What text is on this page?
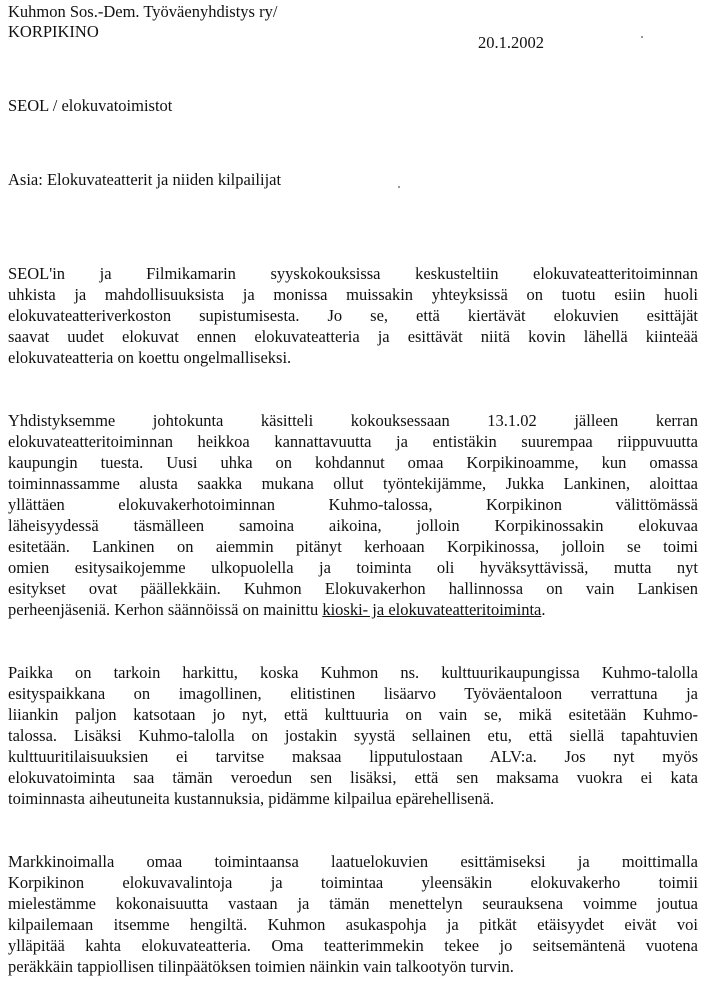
Kuhmon Sos.-Dem. Työväenyhdistys ry/
KORPIKINO
20.1.2002
SEOL / elokuvatoimistot
Asia: Elokuvateatterit ja niiden kilpailijat
SEOL'in ja Filmikamarin syyskokouksissa keskusteltiin elokuvateatteritoiminnan
uhkista ja mahdollisuuksista ja monissa muissakin yhteyksissä on tuotu esiin huoli
elokuvateatteriverkoston supistumisesta. Jo se, että kiertävät elokuvien esittäjät
saavat uudet elokuvat ennen elokuvateatteria ja esittävät niitä kovin lähellä kiinteää
elokuvateatteria on koettu ongelmalliseksi.
Yhdistyksemme johtokunta käsitteli kokouksessaan 13.1.02 jälleen kerran
elokuvateatteritoiminnan heikkoa kannattavuutta ja entistäkin suurempaa riippuvuutta
kaupungin tuesta. Uusi uhka on kohdannut omaa Korpikinoamme, kun omassa
toiminnassamme alusta saakka mukana ollut työntekijämme, Jukka Lankinen, aloittaa
yllättäen elokuvakerhotoiminnan Kuhmo-talossa, Korpikinon välittömässä
läheisyydessä täsmälleen samoina aikoina, jolloin Korpikinossakin elokuvaa
esitetään. Lankinen on aiemmin pitänyt kerhoaan Korpikinossa, jolloin se toimi
omien esitysaikojemme ulkopuolella ja toiminta oli hyväksyttävissä, mutta nyt
esitykset ovat päällekkäin. Kuhmon Elokuvakerhon hallinnossa on vain Lankisen
perheenjäseniä. Kerhon säännöissä on mainittu kioski- ja elokuvateatteritoiminta.
Paikka on tarkoin harkittu, koska Kuhmon ns. kulttuurikaupungissa Kuhmo-talolla
esityspaikkana on imagollinen, elitistinen lisäarvo Työväentaloon verrattuna ja
liiankin paljon katsotaan jo nyt, että kulttuuria on vain se, mikä esitetään Kuhmo-
talossa. Lisäksi Kuhmo-talolla on jostakin syystä sellainen etu, että siellä tapahtuvien
kulttuuritilaisuuksien ei tarvitse maksaa lipputulostaan ALV:a. Jos nyt myös
elokuvatoiminta saa tämän veroedun sen lisäksi, että sen maksama vuokra ei kata
toiminnasta aiheutuneita kustannuksia, pidämme kilpailua epärehellisenä.
Markkinoimalla omaa toimintaansa laatuelokuvien esittämiseksi ja moittimalla
Korpikinon elokuvavalintoja ja toimintaa yleensäkin elokuvakerho toimii
mielestämme kokonaisuutta vastaan ja tämän menettelyn seurauksena voimme joutua
kilpailemaan itsemme hengiltä. Kuhmon asukaspohja ja pitkät etäisyydet eivät voi
ylläpitää kahta elokuvateatteria. Oma teatterimmekin tekee jo seitsemäntenä vuotena
peräkkäin tappiollisen tilinpäätöksen toimien näinkin vain talkootyön turvin.
